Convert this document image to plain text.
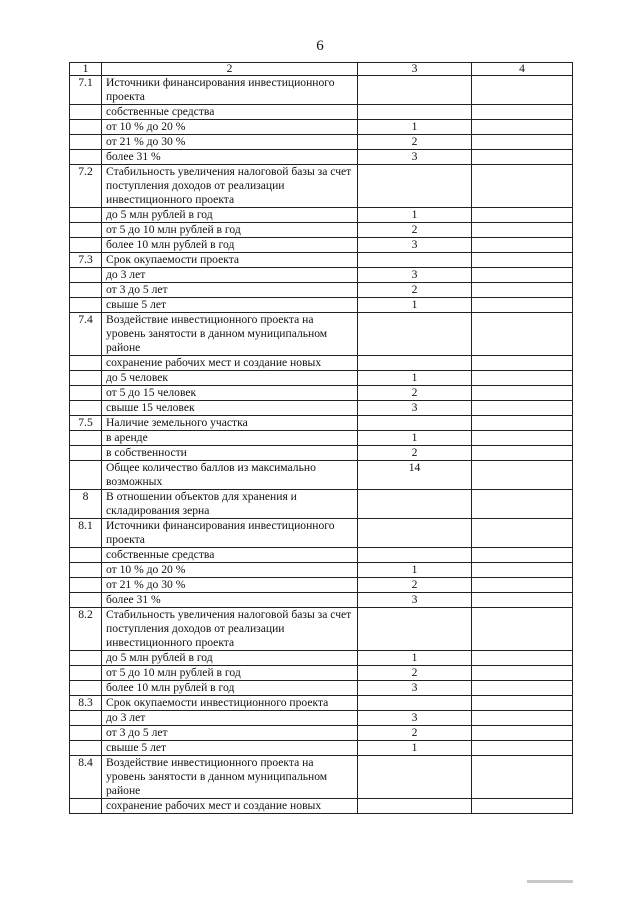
6
1	2	3	4
7.1	Источники финансирования инвестиционного
проекта		

	собственные средства		

	от 10 % до 20 %	1	

	от 21 % до 30 %	2	

	более 31 %	3	
7.2	Стабильность увеличения налоговой базы за счет
поступления доходов от реализации
инвестиционного проекта		

	до 5 млн рублей в год	1	

	от 5 до 10 млн рублей в год	2	

	более 10 млн рублей в год	3	
7.3	Срок окупаемости проекта		

	до 3 лет	3	

	от 3 до 5 лет	2	

	свыше 5 лет	1	
7.4	Воздействие инвестиционного проекта на
уровень занятости в данном муниципальном
районе		

	сохранение рабочих мест и создание новых		

	до 5 человек	1	

	от 5 до 15 человек	2	

	свыше 15 человек	3	
7.5	Наличие земельного участка		

	в аренде	1	

	в собственности	2	

	Общее количество баллов из максимально
возможных	14	
8	В отношении объектов для хранения и
складирования зерна		

8.1	Источники финансирования инвестиционного
проекта		

	собственные средства		

	от 10 % до 20 %	1	

	от 21 % до 30 %	2	

	более 31 %	3	
8.2	Стабильность увеличения налоговой базы за счет
поступления доходов от реализации
инвестиционного проекта		

	до 5 млн рублей в год	1	

	от 5 до 10 млн рублей в год	2	

	более 10 млн рублей в год	3	
8.3	Срок окупаемости инвестиционного проекта		

	до 3 лет	3	

	от 3 до 5 лет	2	

	свыше 5 лет	1	
8.4	Воздействие инвестиционного проекта на
уровень занятости в данном муниципальном
районе		

	сохранение рабочих мест и создание новых		
